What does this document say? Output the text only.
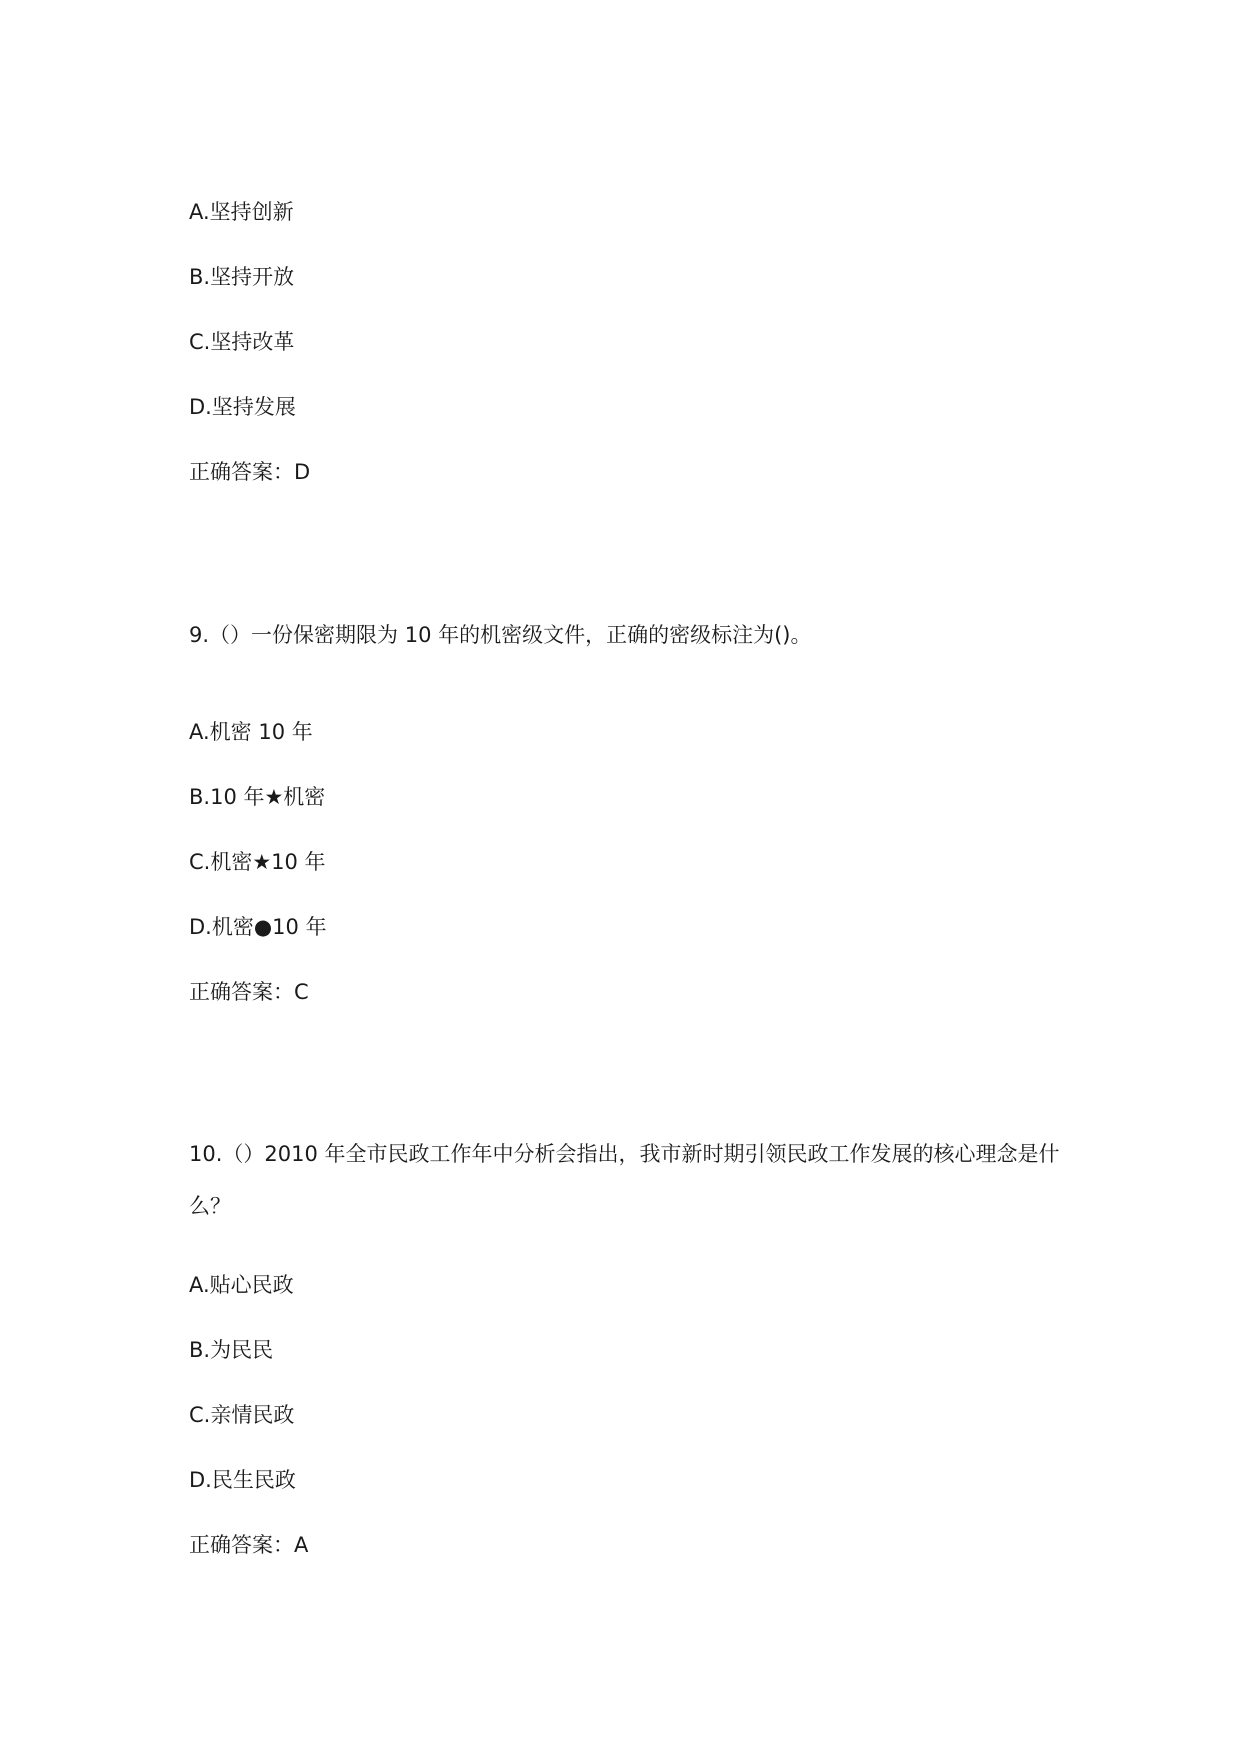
A.坚持创新
B.坚持开放
C.坚持改革
D.坚持发展
正确答案：D
9.（）一份保密期限为 10 年的机密级文件，正确的密级标注为()。
A.机密 10 年
B.10 年★机密
C.机密★10 年
D.机密●10 年
正确答案：C
10.（）2010 年全市民政工作年中分析会指出，我市新时期引领民政工作发展的核心理念是什么？
A.贴心民政
B.为民民
C.亲情民政
D.民生民政
正确答案：A
